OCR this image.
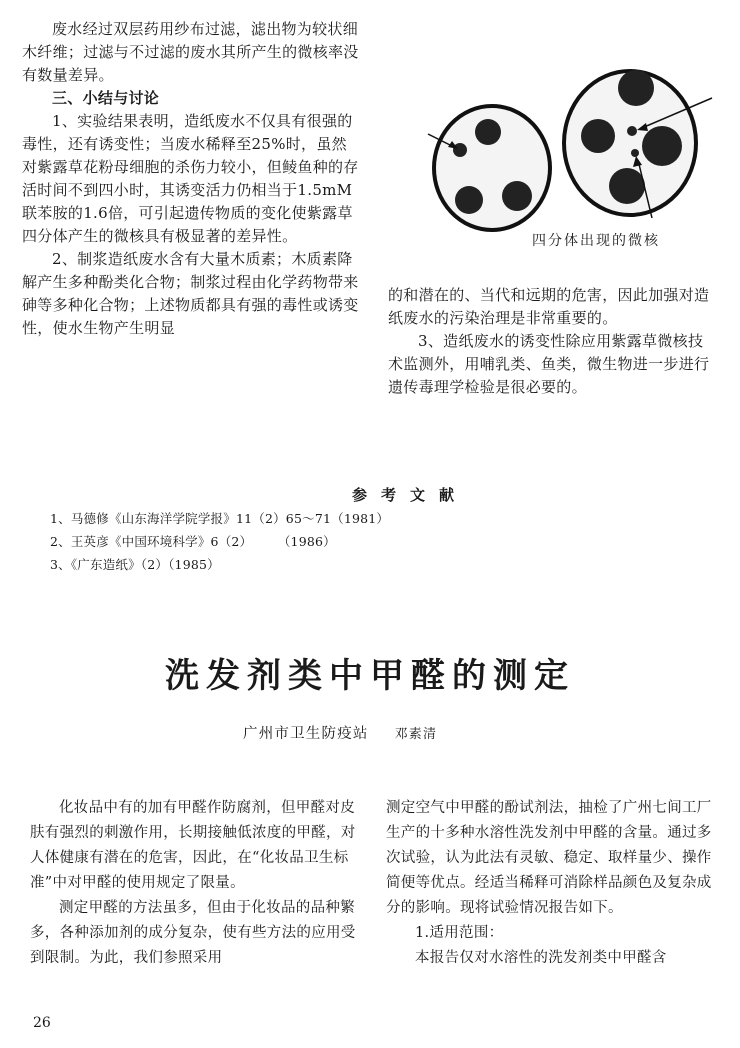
废水经过双层药用纱布过滤，滤出物为较状细木纤维；过滤与不过滤的废水其所产生的微核率没有数量差异。

三、小结与讨论

1、实验结果表明，造纸废水不仅具有很强的毒性，还有诱变性；当废水稀释至25%时，虽然对紫露草花粉母细胞的杀伤力较小，但鲮鱼种的存活时间不到四小时，其诱变活力仍相当于1.5mM联苯胺的1.6倍，可引起遗传物质的变化使紫露草四分体产生的微核具有极显著的差异性。

2、制浆造纸废水含有大量木质素；木质素降解产生多种酚类化合物；制浆过程由化学药物带来砷等多种化合物；上述物质都具有强的毒性或诱变性，使水生物产生明显

四分体出现的微核

的和潜在的、当代和远期的危害，因此加强对造纸废水的污染治理是非常重要的。

3、造纸废水的诱变性除应用紫露草微核技术监测外，用哺乳类、鱼类，微生物进一步进行遗传毒理学检验是很必要的。

参考文献
1、马德修《山东海洋学院学报》11（2）65～71（1981）
2、王英彦《中国环境科学》6（2）　　　（1986）
3、《广东造纸》（2）（1985）
洗发剂类中甲醛的测定
广州市卫生防疫站 邓素清

化妆品中有的加有甲醛作防腐剂，但甲醛对皮肤有强烈的刺激作用，长期接触低浓度的甲醛，对人体健康有潜在的危害，因此，在“化妆品卫生标准”中对甲醛的使用规定了限量。

测定甲醛的方法虽多，但由于化妆品的品种繁多，各种添加剂的成分复杂，使有些方法的应用受到限制。为此，我们参照采用

测定空气中甲醛的酚试剂法，抽检了广州七间工厂生产的十多种水溶性洗发剂中甲醛的含量。通过多次试验，认为此法有灵敏、稳定、取样量少、操作简便等优点。经适当稀释可消除样品颜色及复杂成分的影响。现将试验情况报告如下。

1.适用范围：

本报告仅对水溶性的洗发剂类中甲醛含

26
